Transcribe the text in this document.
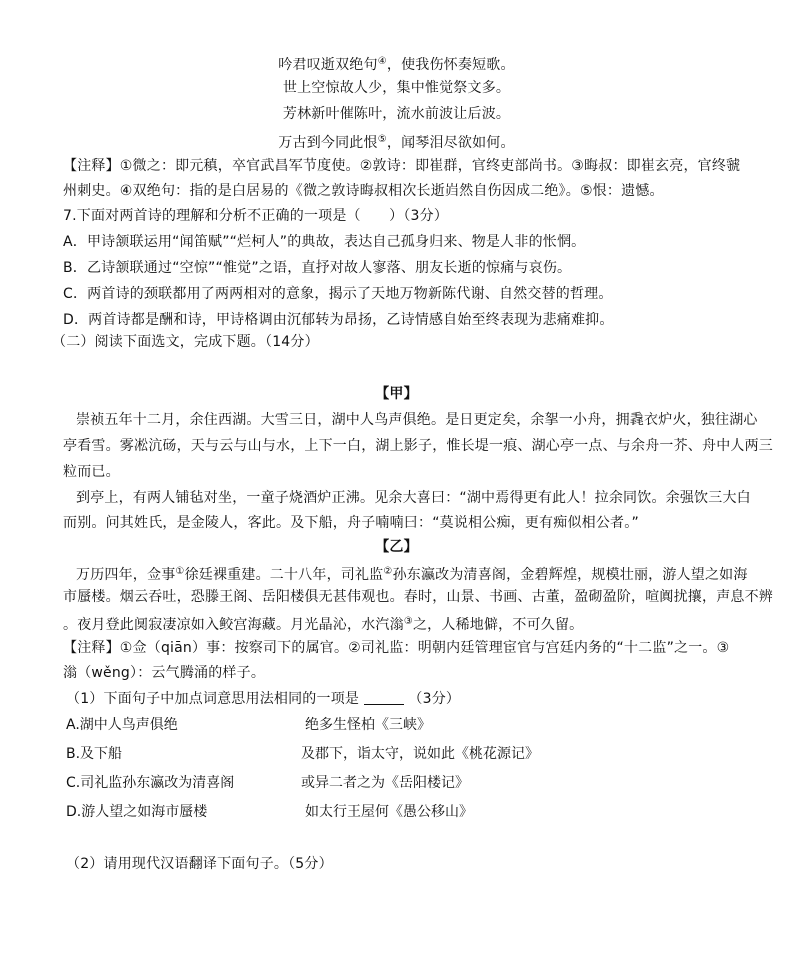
吟君叹逝双绝句④，使我伤怀奏短歌。
世上空惊故人少，集中惟觉祭文多。
芳林新叶催陈叶，流水前波让后波。
万古到今同此恨⑤，闻琴泪尽欲如何。
【注释】①微之：即元稹，卒官武昌军节度使。②敦诗：即崔群，官终吏部尚书。③晦叔：即崔玄亮，官终虢
州刺史。④双绝句：指的是白居易的《微之敦诗晦叔相次长逝岿然自伤因成二绝》。⑤恨：遗憾。
7.下面对两首诗的理解和分析不正确的一项是（　　）（3分）
A．甲诗颔联运用“闻笛赋”“烂柯人”的典故，表达自己孤身归来、物是人非的怅惘。
B．乙诗颔联通过“空惊”“惟觉”之语，直抒对故人寥落、朋友长逝的惊痛与哀伤。
C．两首诗的颈联都用了两两相对的意象，揭示了天地万物新陈代谢、自然交替的哲理。
D．两首诗都是酬和诗，甲诗格调由沉郁转为昂扬，乙诗情感自始至终表现为悲痛难抑。
（二）阅读下面选文，完成下题。（14分）
【甲】
崇祯五年十二月，余住西湖。大雪三日，湖中人鸟声俱绝。是日更定矣，余挐一小舟，拥毳衣炉火，独往湖心
亭看雪。雾凇沆砀，天与云与山与水，上下一白，湖上影子，惟长堤一痕、湖心亭一点、与余舟一芥、舟中人两三
粒而已。
到亭上，有两人铺毡对坐，一童子烧酒炉正沸。见余大喜曰：“湖中焉得更有此人！拉余同饮。余强饮三大白
而别。问其姓氏，是金陵人，客此。及下船，舟子喃喃曰：“莫说相公痴，更有痴似相公者。”
【乙】
万历四年，佥事①徐廷裸重建。二十八年，司礼监②孙东瀛改为清喜阁，金碧辉煌，规模壮丽，游人望之如海
市蜃楼。烟云吞吐，恐滕王阁、岳阳楼俱无甚伟观也。春时，山景、书画、古董，盈砌盈阶，喧阗扰攘，声息不辨
。夜月登此阒寂凄凉如入鲛宫海藏。月光晶沁，水汽滃③之，人稀地僻，不可久留。
【注释】①佥（qiān）事：按察司下的属官。②司礼监：明朝内廷管理宦官与宫廷内务的“十二监”之一。③
滃（wěng）：云气腾涌的样子。
（1）下面句子中加点词意思用法相同的一项是	（3分）
A.湖中人鸟声俱绝	绝多生怪柏《三峡》
B.及下船	及郡下，诣太守，说如此《桃花源记》
C.司礼监孙东瀛改为清喜阁	或异二者之为《岳阳楼记》
D.游人望之如海市蜃楼	如太行王屋何《愚公移山》
（2）请用现代汉语翻译下面句子。（5分）
